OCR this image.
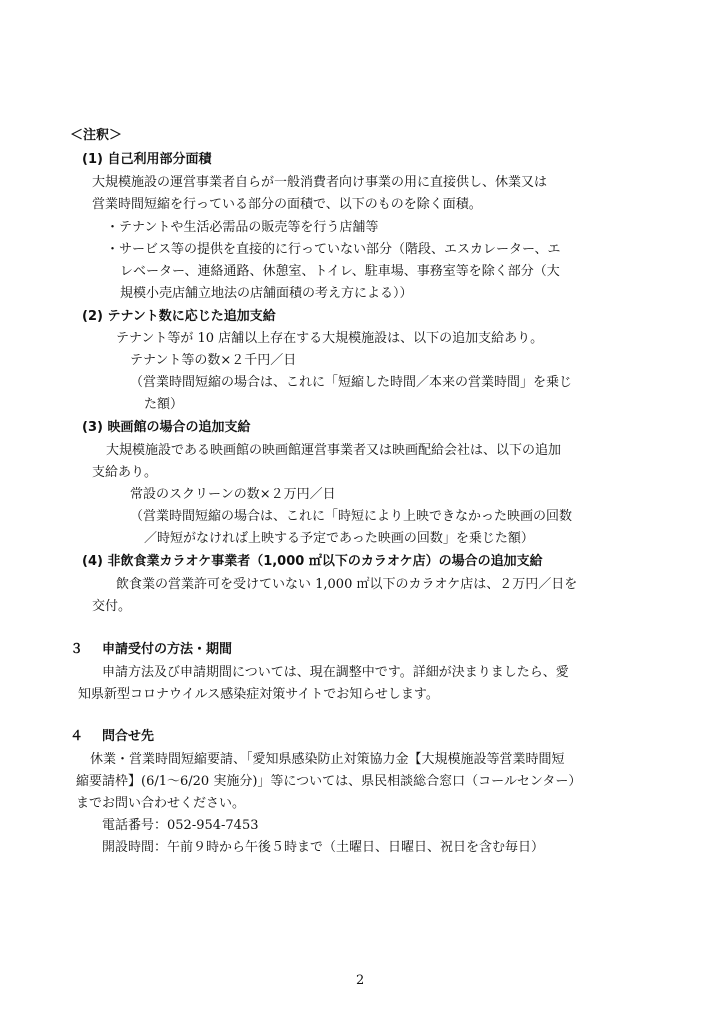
＜注釈＞
(1) 自己利用部分面積
大規模施設の運営事業者自らが一般消費者向け事業の用に直接供し、休業又は
営業時間短縮を行っている部分の面積で、以下のものを除く面積。
・テナントや生活必需品の販売等を行う店舗等
・サービス等の提供を直接的に行っていない部分（階段、エスカレーター、エ
レベーター、連絡通路、休憩室、トイレ、駐車場、事務室等を除く部分（大
規模小売店舗立地法の店舗面積の考え方による））
(2) テナント数に応じた追加支給
テナント等が 10 店舗以上存在する大規模施設は、以下の追加支給あり。
テナント等の数×２千円／日
（営業時間短縮の場合は、これに「短縮した時間／本来の営業時間」を乗じ
た額）
(3) 映画館の場合の追加支給
大規模施設である映画館の映画館運営事業者又は映画配給会社は、以下の追加
支給あり。
常設のスクリーンの数×２万円／日
（営業時間短縮の場合は、これに「時短により上映できなかった映画の回数
／時短がなければ上映する予定であった映画の回数」を乗じた額）
(4) 非飲食業カラオケ事業者（1,000 ㎡以下のカラオケ店）の場合の追加支給
飲食業の営業許可を受けていない 1,000 ㎡以下のカラオケ店は、２万円／日を
交付。
３ 申請受付の方法・期間
申請方法及び申請期間については、現在調整中です。詳細が決まりましたら、愛
知県新型コロナウイルス感染症対策サイトでお知らせします。
４ 問合せ先
休業・営業時間短縮要請、「愛知県感染防止対策協力金【大規模施設等営業時間短
縮要請枠】(6/1～6/20 実施分)」等については、県民相談総合窓口（コールセンター）
までお問い合わせください。
電話番号：052-954-7453
開設時間：午前９時から午後５時まで（土曜日、日曜日、祝日を含む毎日）
2
